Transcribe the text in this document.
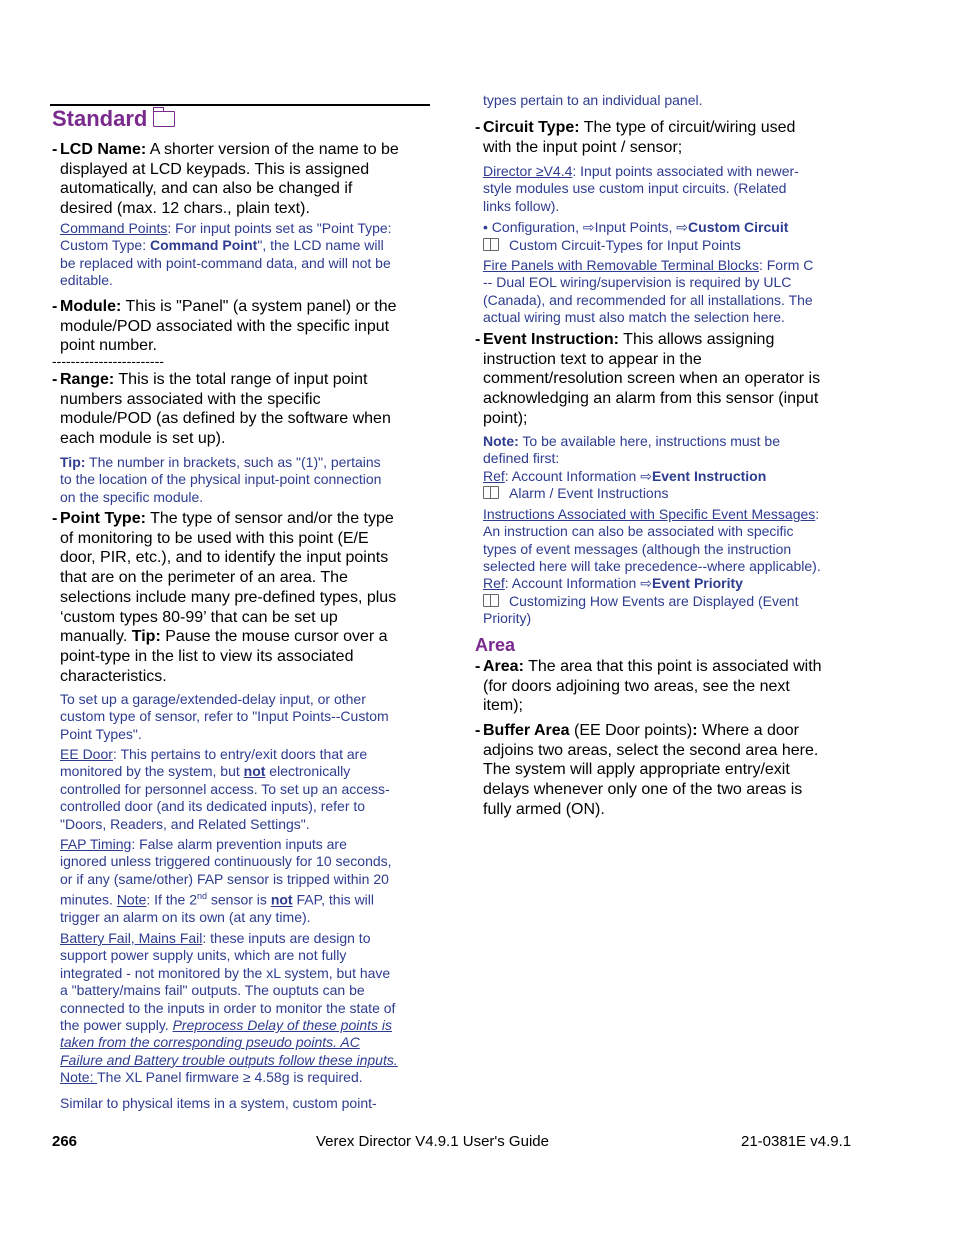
Standard
- LCD Name: A shorter version of the name to be
displayed at LCD keypads. This is assigned
automatically, and can also be changed if
desired (max. 12 chars., plain text).
Command Points: For input points set as "Point Type:
Custom Type: Command Point", the LCD name will
be replaced with point-command data, and will not be
editable.
- Module: This is "Panel" (a system panel) or the
module/POD associated with the specific input
point number.
------------------------
- Range: This is the total range of input point
numbers associated with the specific
module/POD (as defined by the software when
each module is set up).
Tip: The number in brackets, such as "(1)", pertains
to the location of the physical input-point connection
on the specific module.
- Point Type: The type of sensor and/or the type
of monitoring to be used with this point (E/E
door, PIR, etc.), and to identify the input points
that are on the perimeter of an area. The
selections include many pre-defined types, plus
‘custom types 80-99’ that can be set up
manually. Tip: Pause the mouse cursor over a
point-type in the list to view its associated
characteristics.
To set up a garage/extended-delay input, or other
custom type of sensor, refer to "Input Points--Custom
Point Types".
EE Door: This pertains to entry/exit doors that are
monitored by the system, but not electronically
controlled for personnel access. To set up an access-
controlled door (and its dedicated inputs), refer to
"Doors, Readers, and Related Settings".
FAP Timing: False alarm prevention inputs are
ignored unless triggered continuously for 10 seconds,
or if any (same/other) FAP sensor is tripped within 20
minutes. Note: If the 2nd sensor is not FAP, this will
trigger an alarm on its own (at any time).
Battery Fail, Mains Fail: these inputs are design to
support power supply units, which are not fully
integrated - not monitored by the xL system, but have
a "battery/mains fail" outputs. The ouptuts can be
connected to the inputs in order to monitor the state of
the power supply. Preprocess Delay of these points is
taken from the corresponding pseudo points. AC
Failure and Battery trouble outputs follow these inputs.
Note: The XL Panel firmware ≥ 4.58g is required.
Similar to physical items in a system, custom point-
types pertain to an individual panel.
- Circuit Type: The type of circuit/wiring used
with the input point / sensor;
Director ≥V4.4: Input points associated with newer-
style modules use custom input circuits. (Related
links follow).
• Configuration, ⇨Input Points, ⇨Custom Circuit
Custom Circuit-Types for Input Points
Fire Panels with Removable Terminal Blocks: Form C
-- Dual EOL wiring/supervision is required by ULC
(Canada), and recommended for all installations. The
actual wiring must also match the selection here.
- Event Instruction: This allows assigning
instruction text to appear in the
comment/resolution screen when an operator is
acknowledging an alarm from this sensor (input
point);
Note: To be available here, instructions must be
defined first:
Ref: Account Information ⇨Event Instruction
Alarm / Event Instructions
Instructions Associated with Specific Event Messages:
An instruction can also be associated with specific
types of event messages (although the instruction
selected here will take precedence--where applicable).
Ref: Account Information ⇨Event Priority
Customizing How Events are Displayed (Event
Priority)
Area
- Area: The area that this point is associated with
(for doors adjoining two areas, see the next
item);
- Buffer Area (EE Door points): Where a door
adjoins two areas, select the second area here.
The system will apply appropriate entry/exit
delays whenever only one of the two areas is
fully armed (ON).
266	Verex Director V4.9.1 User's Guide	21-0381E v4.9.1
